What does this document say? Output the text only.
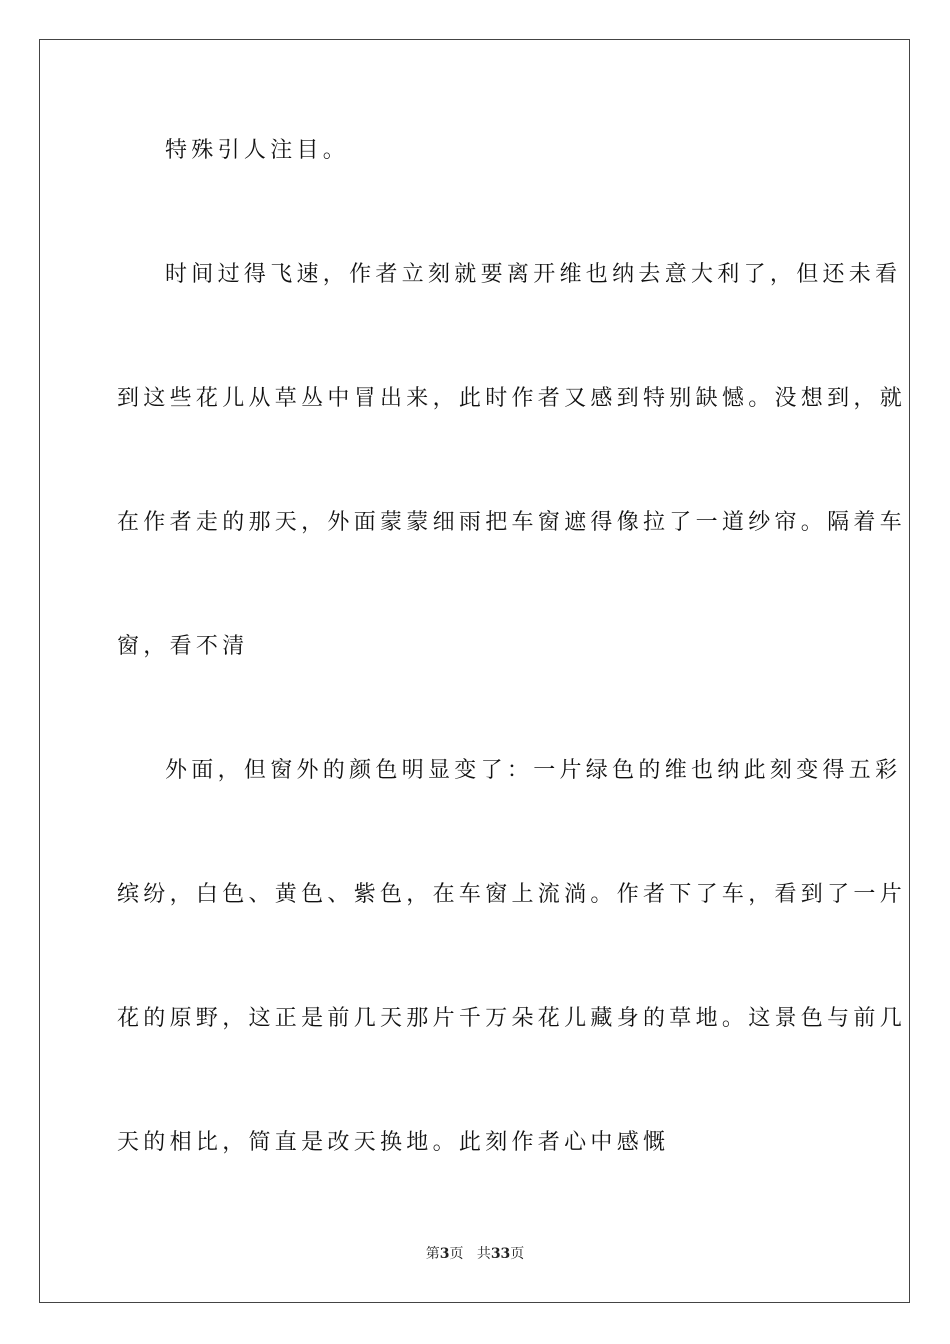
特殊引人注目。
时间过得飞速，作者立刻就要离开维也纳去意大利了，但还未看
到这些花儿从草丛中冒出来，此时作者又感到特别缺憾。没想到，就
在作者走的那天，外面蒙蒙细雨把车窗遮得像拉了一道纱帘。隔着车
窗，看不清
外面，但窗外的颜色明显变了：一片绿色的维也纳此刻变得五彩
缤纷，白色、黄色、紫色，在车窗上流淌。作者下了车，看到了一片
花的原野，这正是前几天那片千万朵花儿藏身的草地。这景色与前几
天的相比，简直是改天换地。此刻作者心中感慨
第3页 共33页
